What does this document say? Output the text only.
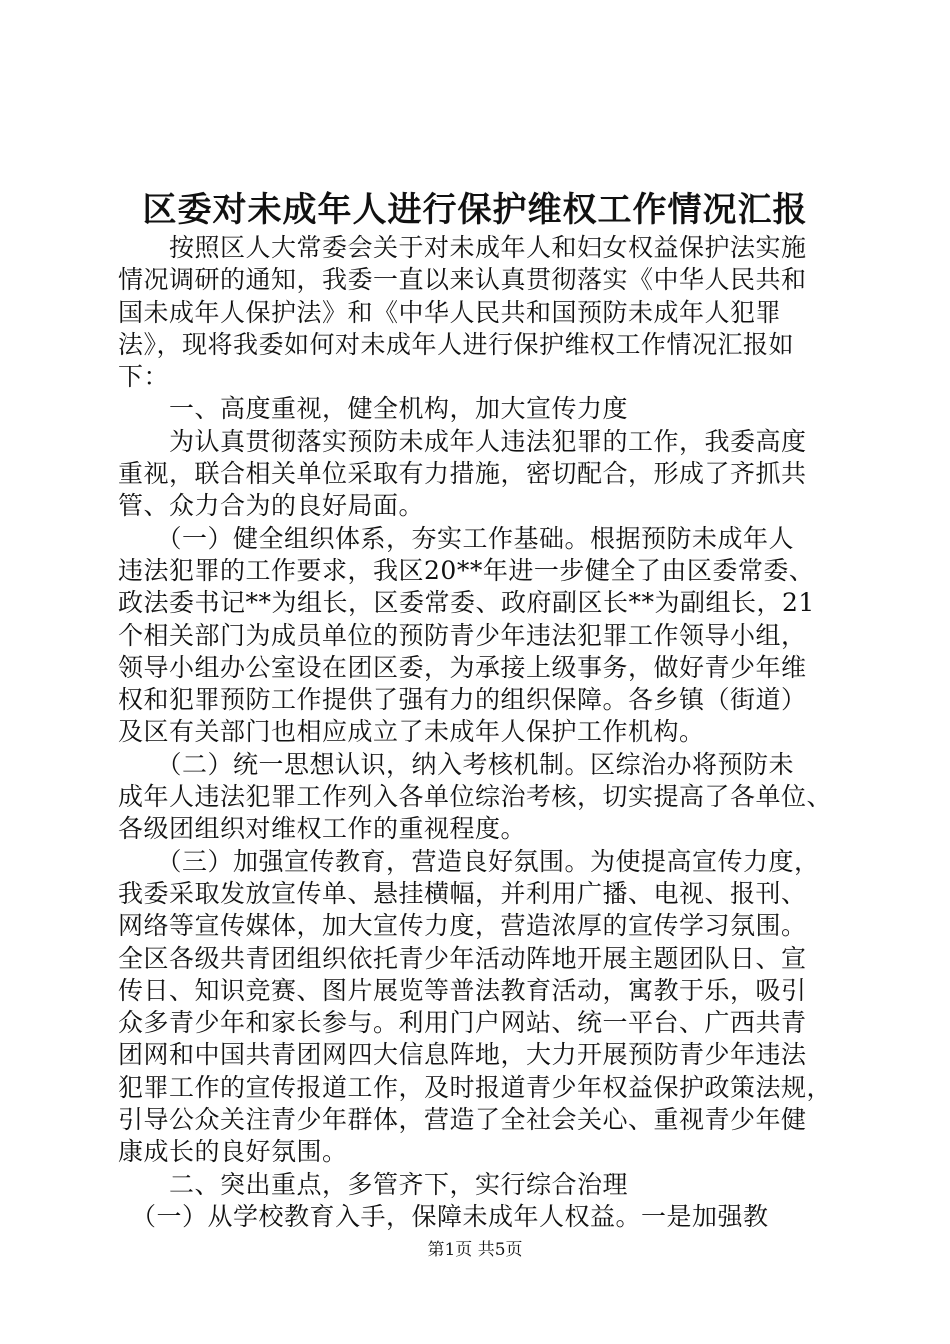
区委对未成年人进行保护维权工作情况汇报
　　按照区人大常委会关于对未成年人和妇女权益保护法实施
情况调研的通知，我委一直以来认真贯彻落实《中华人民共和
国未成年人保护法》和《中华人民共和国预防未成年人犯罪
法》，现将我委如何对未成年人进行保护维权工作情况汇报如
下：
　　一、高度重视，健全机构，加大宣传力度
　　为认真贯彻落实预防未成年人违法犯罪的工作，我委高度
重视，联合相关单位采取有力措施，密切配合，形成了齐抓共
管、众力合为的良好局面。
　　（一）健全组织体系，夯实工作基础。根据预防未成年人
违法犯罪的工作要求，我区20**年进一步健全了由区委常委、
政法委书记**为组长，区委常委、政府副区长**为副组长，21
个相关部门为成员单位的预防青少年违法犯罪工作领导小组，
领导小组办公室设在团区委，为承接上级事务，做好青少年维
权和犯罪预防工作提供了强有力的组织保障。各乡镇（街道）
及区有关部门也相应成立了未成年人保护工作机构。
　　（二）统一思想认识，纳入考核机制。区综治办将预防未
成年人违法犯罪工作列入各单位综治考核，切实提高了各单位、
各级团组织对维权工作的重视程度。
　　（三）加强宣传教育，营造良好氛围。为使提高宣传力度，
我委采取发放宣传单、悬挂横幅，并利用广播、电视、报刊、
网络等宣传媒体，加大宣传力度，营造浓厚的宣传学习氛围。
全区各级共青团组织依托青少年活动阵地开展主题团队日、宣
传日、知识竞赛、图片展览等普法教育活动，寓教于乐，吸引
众多青少年和家长参与。利用门户网站、统一平台、广西共青
团网和中国共青团网四大信息阵地，大力开展预防青少年违法
犯罪工作的宣传报道工作，及时报道青少年权益保护政策法规，
引导公众关注青少年群体，营造了全社会关心、重视青少年健
康成长的良好氛围。
　　二、突出重点，多管齐下，实行综合治理
　（一）从学校教育入手，保障未成年人权益。一是加强教
第1页 共5页
